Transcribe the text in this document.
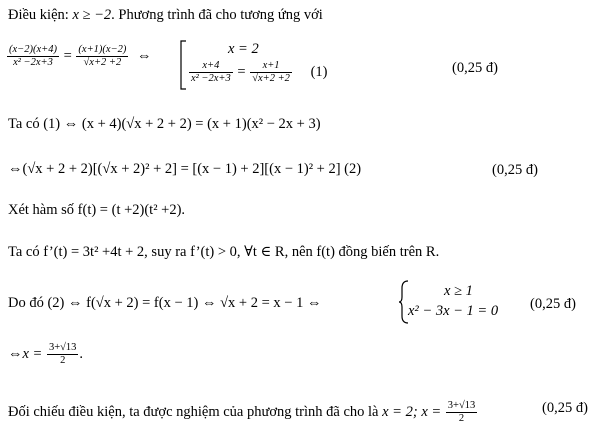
Điều kiện: x ≥ −2. Phương trình đã cho tương ứng với
$\frac{(x-2)(x+4)}{\text{x² −2x+3}} = \frac{(x+1)(x-2)}{√x+2 +2}$ ⇔	x = 2
$\frac{x+4}{\text{x² −2x+3}} = \frac{x+1}{√x+2 +2} (1)$	(0,25 đ)
Ta có (1) ⇔ (x + 4)(√x + 2 + 2) = (x + 1)(x² − 2x + 3)
⇔(√x + 2 + 2)[(√x + 2)² + 2] = [(x − 1) + 2][(x − 1)² + 2] (2)	(0,25 đ)
Xét hàm số f(t) = (t +2)(t² +2).
Ta có f’(t) = 3t² +4t + 2, suy ra f’(t) > 0, ∀t ∈ R, nên f(t) đồng biến trên R.
Do đó (2) ⇔ f(√x + 2) = f(x − 1) ⇔ √x + 2 = x − 1 ⇔
x ≥ 1
x² − 3x − 1 = 0 (0,25 đ)
⇔x = $\frac{3+√13}{2}$ .
Đối chiếu điều kiện, ta được nghiệm của phương trình đã cho là x = 2; $x = \frac{3+√13}{2}$	(0,25 đ)
